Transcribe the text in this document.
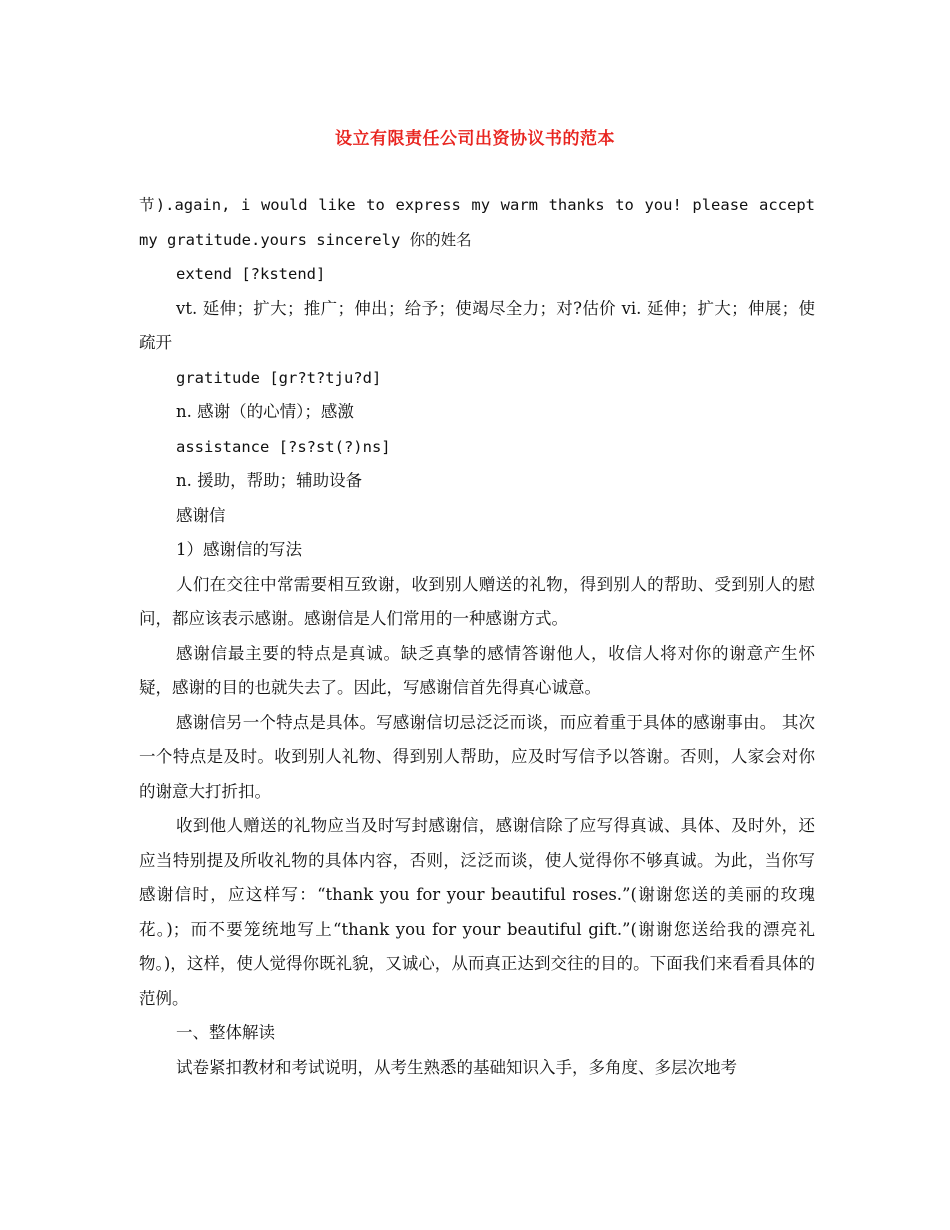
设立有限责任公司出资协议书的范本

节).again, i would like to express my warm thanks to you! please accept my gratitude.yours sincerely 你的姓名

extend [?kstend]

vt. 延伸；扩大；推广；伸出；给予；使竭尽全力；对?估价 vi. 延伸；扩大；伸展；使疏开

gratitude [gr?t?tju?d]

n. 感谢（的心情）；感激

assistance [?s?st(?)ns]

n. 援助，帮助；辅助设备

感谢信

1）感谢信的写法

人们在交往中常需要相互致谢，收到别人赠送的礼物，得到别人的帮助、受到别人的慰问，都应该表示感谢。感谢信是人们常用的一种感谢方式。

感谢信最主要的特点是真诚。缺乏真挚的感情答谢他人，收信人将对你的谢意产生怀疑，感谢的目的也就失去了。因此，写感谢信首先得真心诚意。

感谢信另一个特点是具体。写感谢信切忌泛泛而谈，而应着重于具体的感谢事由。 其次一个特点是及时。收到别人礼物、得到别人帮助，应及时写信予以答谢。否则，人家会对你的谢意大打折扣。

收到他人赠送的礼物应当及时写封感谢信，感谢信除了应写得真诚、具体、及时外，还应当特别提及所收礼物的具体内容，否则，泛泛而谈，使人觉得你不够真诚。为此，当你写感谢信时，应这样写：“thank you for your beautiful roses.”(谢谢您送的美丽的玫瑰花。)；而不要笼统地写上“thank you for your beautiful gift.”(谢谢您送给我的漂亮礼物。)，这样，使人觉得你既礼貌，又诚心，从而真正达到交往的目的。下面我们来看看具体的范例。

一、整体解读

试卷紧扣教材和考试说明，从考生熟悉的基础知识入手，多角度、多层次地考
